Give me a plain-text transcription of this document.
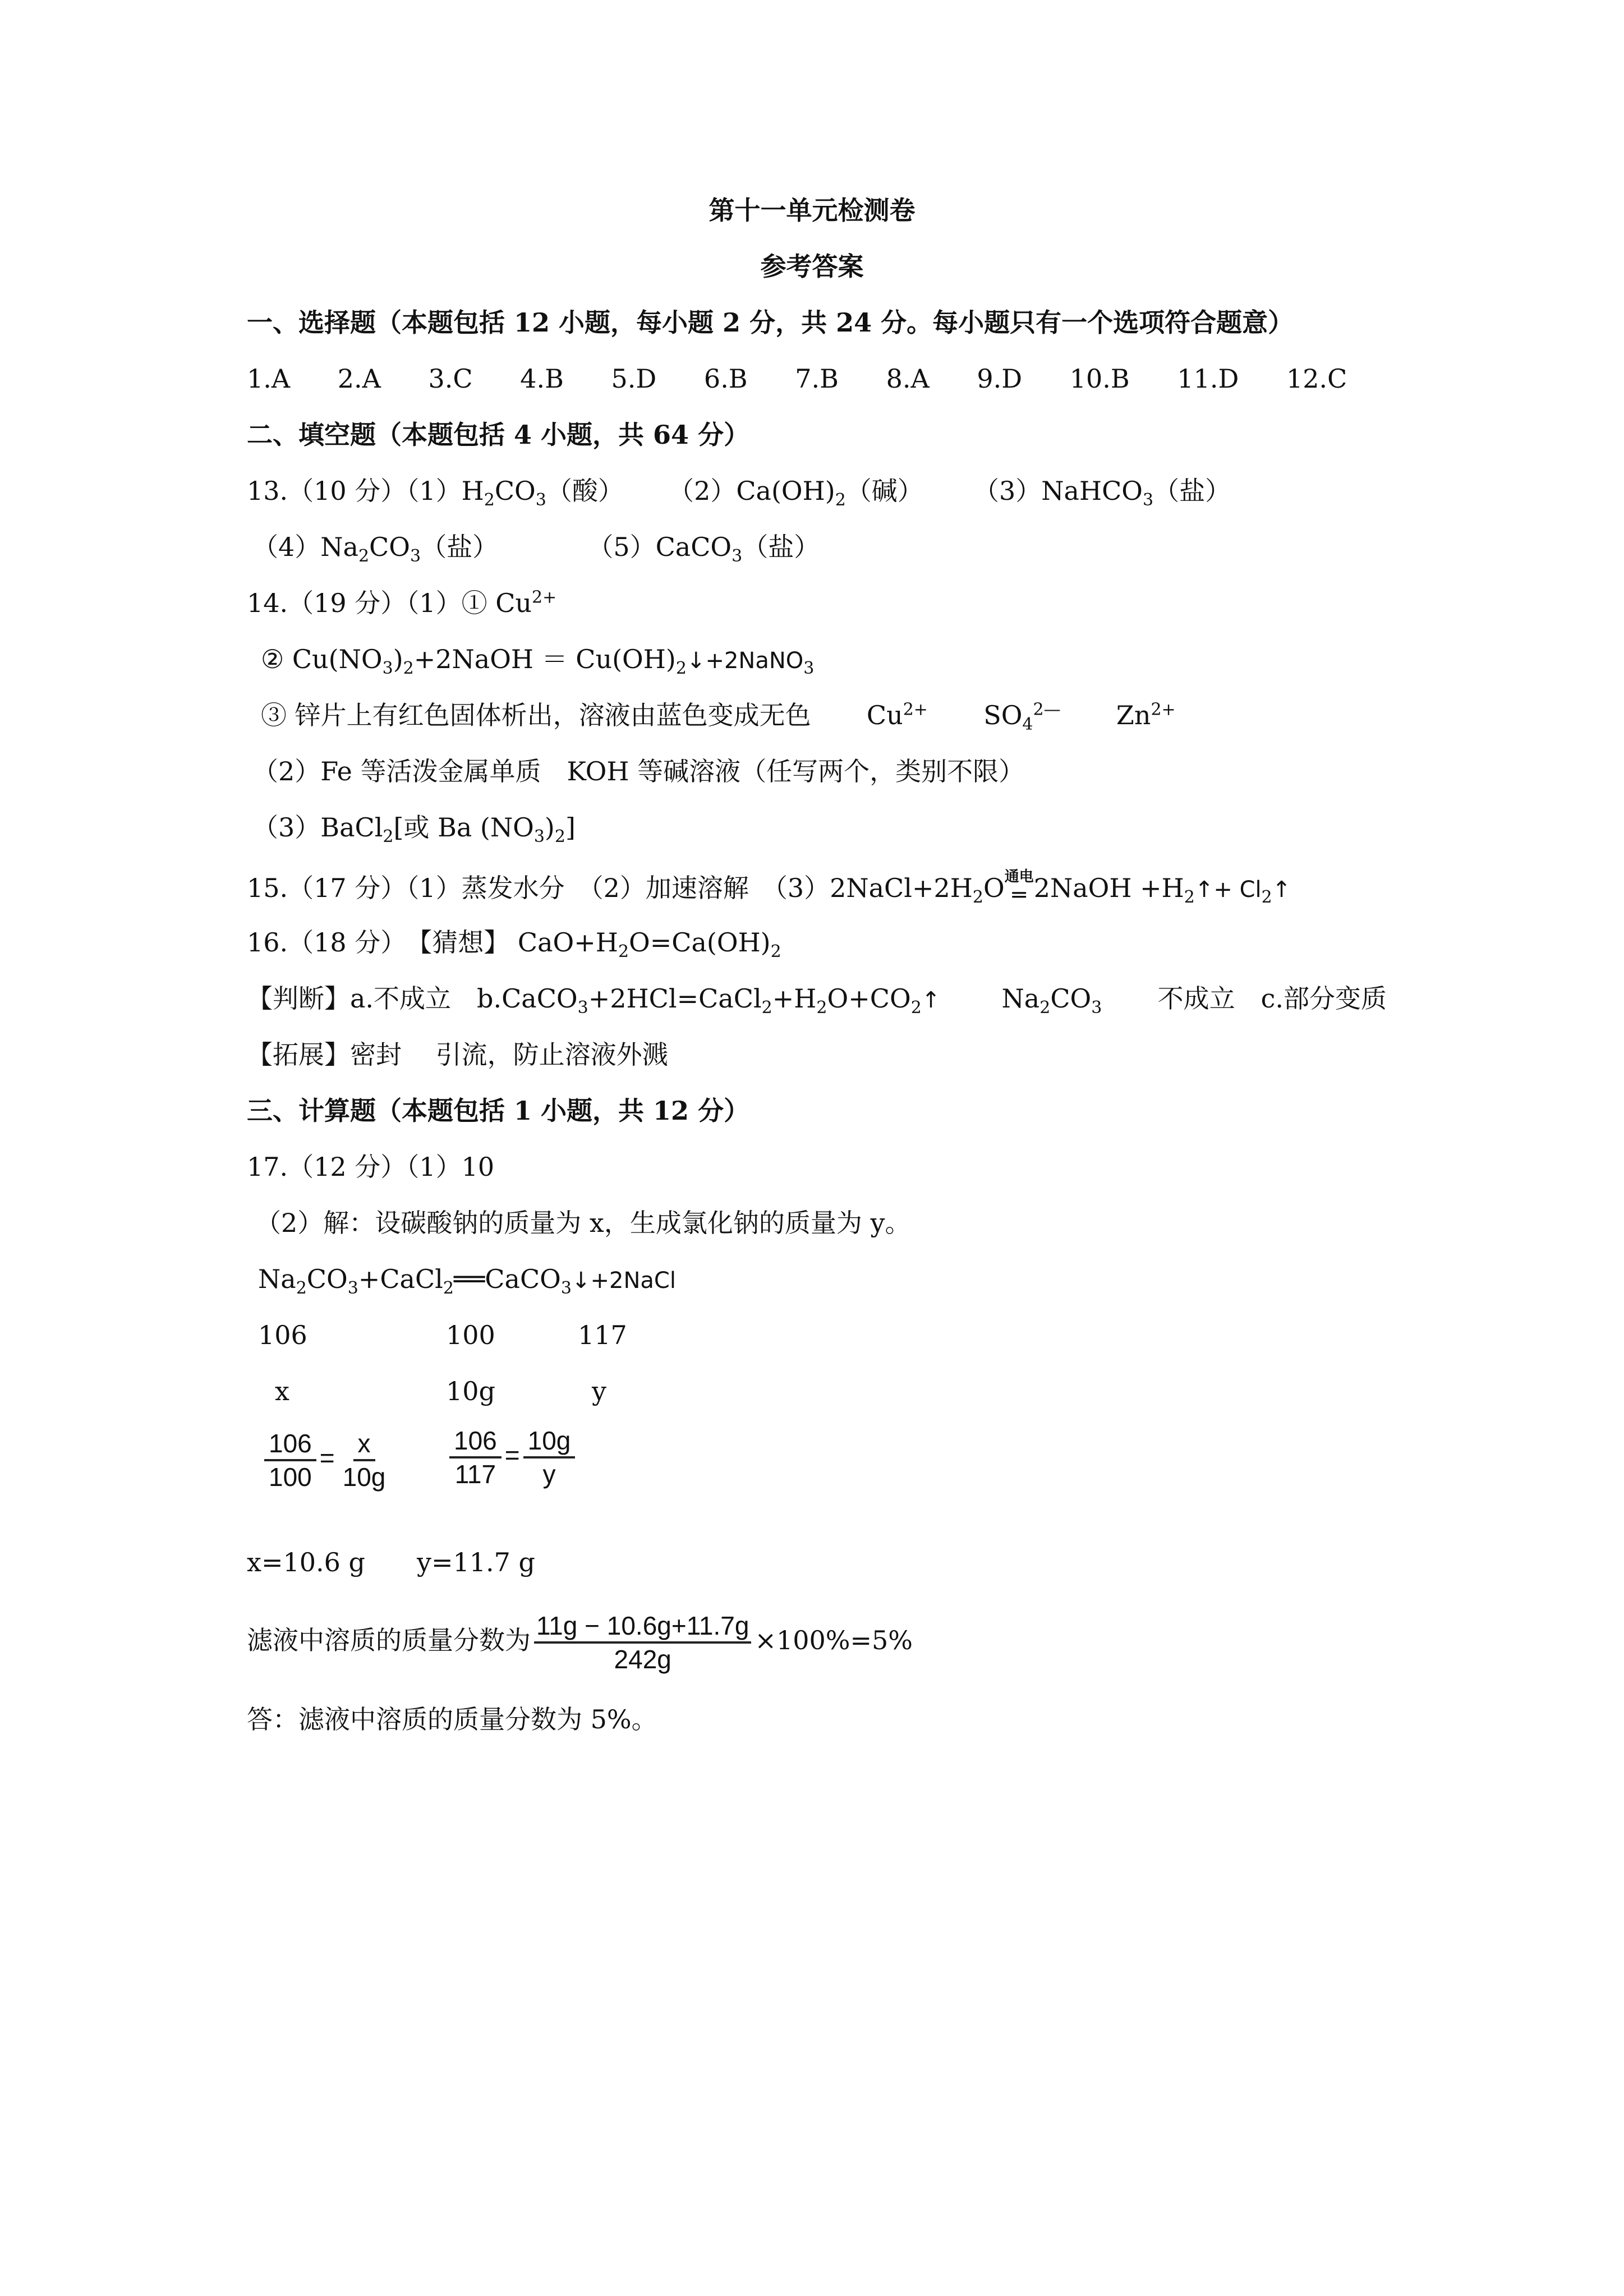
第十一单元检测卷
参考答案
一、选择题（本题包括 12 小题，每小题 2 分，共 24 分。每小题只有一个选项符合题意）
1.A 2.A 3.C 4.B 5.D 6.B 7.B 8.A 9.D 10.B 11.D 12.C
二、填空题（本题包括 4 小题，共 64 分）
13.（10 分）$(1)H_2CO_3$（酸） $(2)Ca(OH)_2$（碱） （3）NaHCO$_3$（盐）
$(4)Na_2CO_3$（盐）	（5）CaCO$_3$（盐）
14.（19 分）（1）① $Cu^{2+}$
② $Cu(NO_3)_2+2NaOH$ ＝ $Cu(OH)_2↓+2NaNO_3$
③ 锌片上有红色固体析出，溶液由蓝色变成无色 $Cu^{2+}$ $SO_4^{2—}$ $Zn^{2+}$
（2）Fe 等活泼金属单质　KOH 等碱溶液（任写两个，类别不限）
（3）BaCl$_2$[或 Ba $(NO_3)_2$]
15.（17 分）（1）蒸发水分　（2）加速溶解　$(3)2NaCl+2H_2O$ 通电
═ 2NaOH $+H_2↑+$ $Cl_2↑$
16.（18 分）　【猜想】 $CaO+H_2O=Ca(OH)_2$
【判断】a.不成立　$b.CaCO_3+2HCl=CaCl_2+H_2O+CO_2↑$ $Na_2CO_3$ 不成立　c.部分变质
【拓展】密封　 引流，防止溶液外溅
三、计算题（本题包括 1 小题，共 12 分）
17.（12 分）（1）10
（2）解：设碳酸钠的质量为 x，生成氯化钠的质量为 y。
$Na_2CO_3+CaCl_2══CaCO_3↓+2NaCl$
106	100	117
x	10g	y
$\frac{106}{100} = \frac{x}{10g} \frac{106}{117} = \frac{10g}{y}$
x=10.6 g　　y=11.7 g
滤液中溶质的质量分数为 $\frac{11g - 10.6g+11.7g}{242g} \times 100\%=5\%$
答：滤液中溶质的质量分数为 5%。
